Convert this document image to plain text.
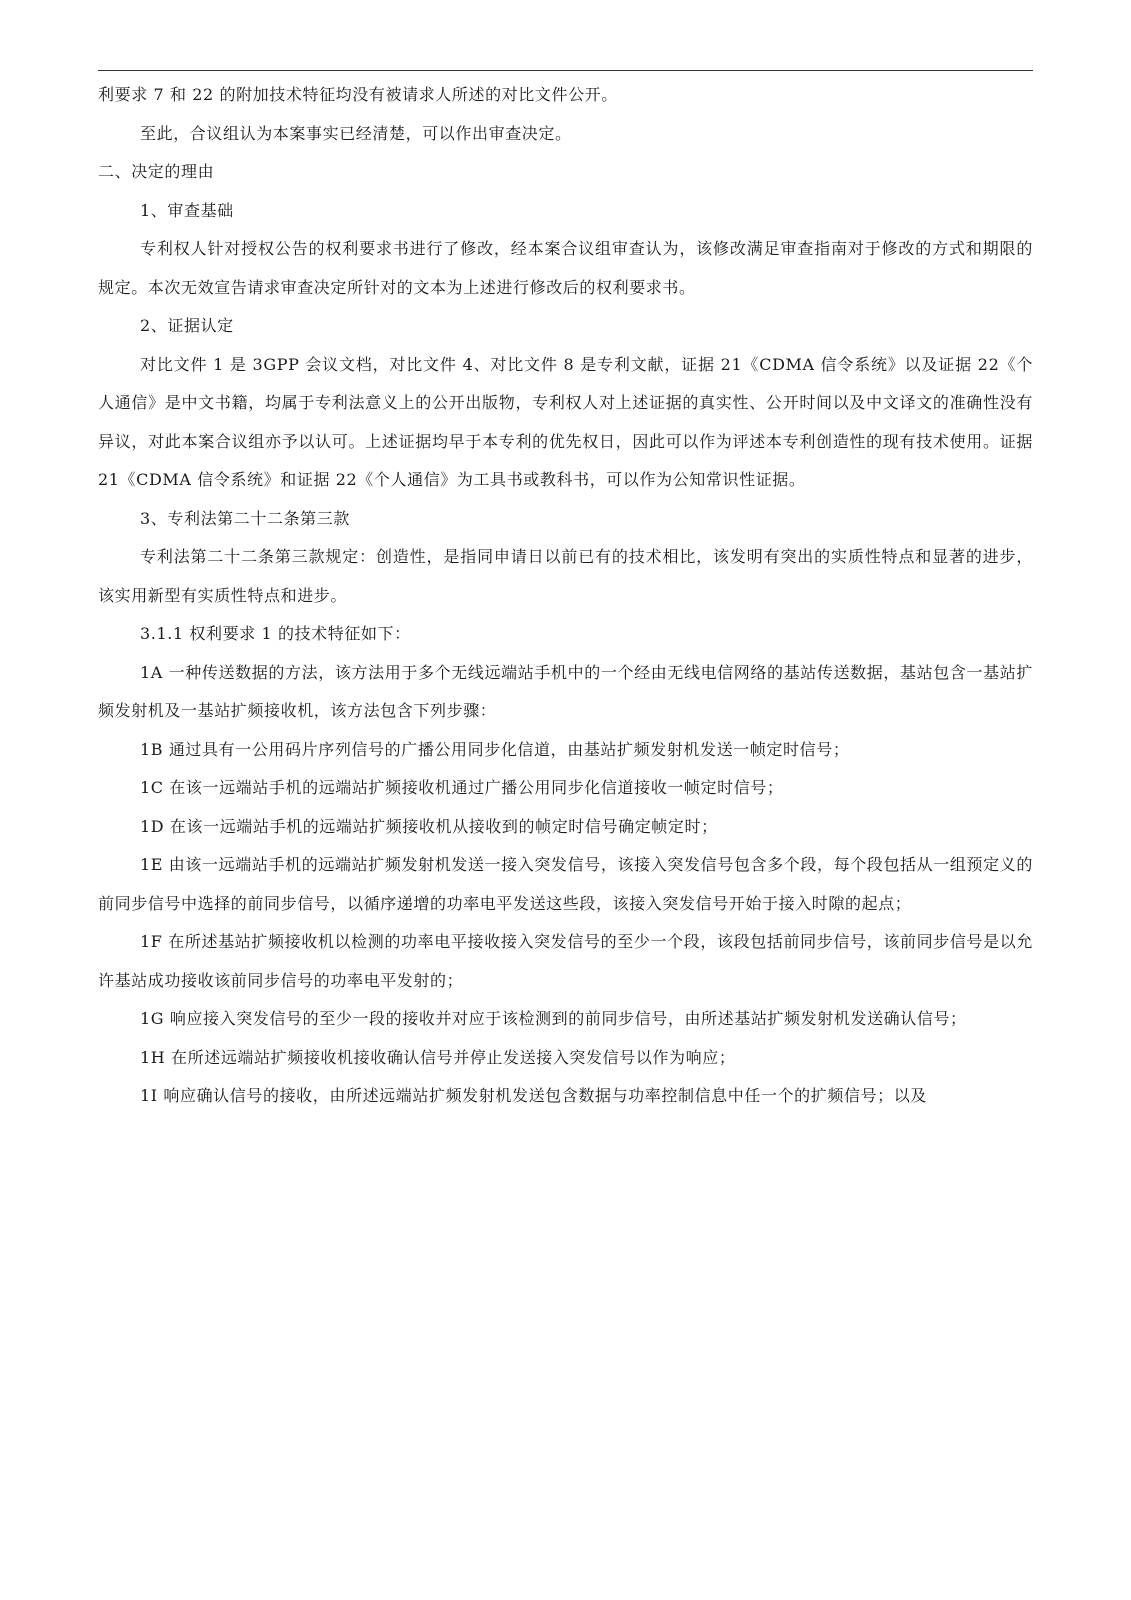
利要求 7 和 22 的附加技术特征均没有被请求人所述的对比文件公开。

至此，合议组认为本案事实已经清楚，可以作出审查决定。

二、决定的理由

1、审查基础

专利权人针对授权公告的权利要求书进行了修改，经本案合议组审查认为，该修改满足审查指南对于修改的方式和期限的规定。本次无效宣告请求审查决定所针对的文本为上述进行修改后的权利要求书。

2、证据认定

对比文件 1 是 3GPP 会议文档，对比文件 4、对比文件 8 是专利文献，证据 21《CDMA 信令系统》以及证据 22《个人通信》是中文书籍，均属于专利法意义上的公开出版物，专利权人对上述证据的真实性、公开时间以及中文译文的准确性没有异议，对此本案合议组亦予以认可。上述证据均早于本专利的优先权日，因此可以作为评述本专利创造性的现有技术使用。证据 21《CDMA 信令系统》和证据 22《个人通信》为工具书或教科书，可以作为公知常识性证据。

3、专利法第二十二条第三款

专利法第二十二条第三款规定：创造性，是指同申请日以前已有的技术相比，该发明有突出的实质性特点和显著的进步，该实用新型有实质性特点和进步。

3.1.1 权利要求 1 的技术特征如下：

1A 一种传送数据的方法，该方法用于多个无线远端站手机中的一个经由无线电信网络的基站传送数据，基站包含一基站扩频发射机及一基站扩频接收机，该方法包含下列步骤：

1B 通过具有一公用码片序列信号的广播公用同步化信道，由基站扩频发射机发送一帧定时信号；

1C 在该一远端站手机的远端站扩频接收机通过广播公用同步化信道接收一帧定时信号；

1D 在该一远端站手机的远端站扩频接收机从接收到的帧定时信号确定帧定时；

1E 由该一远端站手机的远端站扩频发射机发送一接入突发信号，该接入突发信号包含多个段，每个段包括从一组预定义的前同步信号中选择的前同步信号，以循序递增的功率电平发送这些段，该接入突发信号开始于接入时隙的起点；

1F 在所述基站扩频接收机以检测的功率电平接收接入突发信号的至少一个段，该段包括前同步信号，该前同步信号是以允许基站成功接收该前同步信号的功率电平发射的；

1G 响应接入突发信号的至少一段的接收并对应于该检测到的前同步信号，由所述基站扩频发射机发送确认信号；

1H 在所述远端站扩频接收机接收确认信号并停止发送接入突发信号以作为响应；

1I 响应确认信号的接收，由所述远端站扩频发射机发送包含数据与功率控制信息中任一个的扩频信号；以及
